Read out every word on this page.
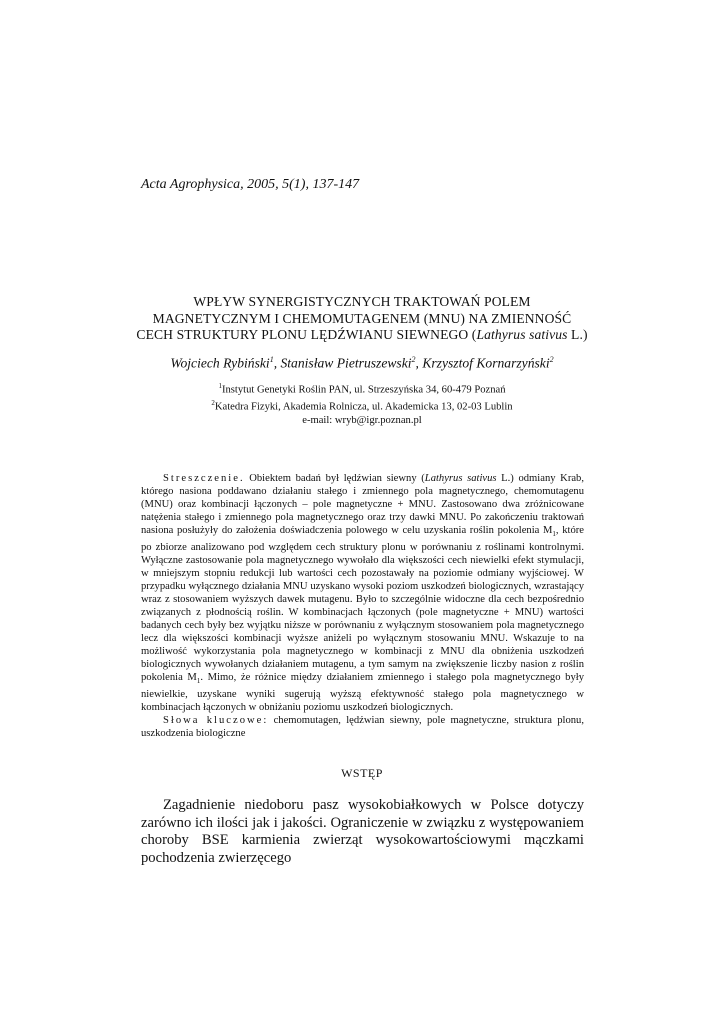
Acta Agrophysica, 2005, 5(1), 137-147
WPŁYW SYNERGISTYCZNYCH TRAKTOWAŃ POLEM
MAGNETYCZNYM I CHEMOMUTAGENEM (MNU) NA ZMIENNOŚĆ
CECH STRUKTURY PLONU LĘDŹWIANU SIEWNEGO (Lathyrus sativus L.)
Wojciech Rybiński$^1$, Stanisław Pietruszewski$^2$, Krzysztof Kornarzyński$^2$
$^1$Instytut Genetyki Roślin PAN, ul. Strzeszyńska 34, 60-479 Poznań
$^2$Katedra Fizyki, Akademia Rolnicza, ul. Akademicka 13, 02-03 Lublin
e-mail: wryb@igr.poznan.pl

Streszczenie. Obiektem badań był lędźwian siewny (Lathyrus sativus L.) odmiany Krab, którego nasiona poddawano działaniu stałego i zmiennego pola magnetycznego, chemomutagenu (MNU) oraz kombinacji łączonych – pole magnetyczne + MNU. Zastosowano dwa zróżnicowane natężenia stałego i zmiennego pola magnetycznego oraz trzy dawki MNU. Po zakończeniu traktowań nasiona posłużyły do założenia doświadczenia polowego w celu uzyskania roślin pokolenia $M_1$, które po zbiorze analizowano pod względem cech struktury plonu w porównaniu z roślinami kontrolnymi. Wyłączne zastosowanie pola magnetycznego wywołało dla większości cech niewielki efekt stymulacji, w mniejszym stopniu redukcji lub wartości cech pozostawały na poziomie odmiany wyjściowej. W przypadku wyłącznego działania MNU uzyskano wysoki poziom uszkodzeń biologicznych, wzrastający wraz z stosowaniem wyższych dawek mutagenu. Było to szczególnie widoczne dla cech bezpośrednio związanych z płodnością roślin. W kombinacjach łączonych (pole magnetyczne + MNU) wartości badanych cech były bez wyjątku niższe w porównaniu z wyłącznym stosowaniem pola magnetycznego lecz dla większości kombinacji wyższe aniżeli po wyłącznym stosowaniu MNU. Wskazuje to na możliwość wykorzystania pola magnetycznego w kombinacji z MNU dla obniżenia uszkodzeń biologicznych wywołanych działaniem mutagenu, a tym samym na zwiększenie liczby nasion z roślin pokolenia $M_1$. Mimo, że różnice między działaniem zmiennego i stałego pola magnetycznego były niewielkie, uzyskane wyniki sugerują wyższą efektywność stałego pola magnetycznego w kombinacjach łączonych w obniżaniu poziomu uszkodzeń biologicznych.

Słowa kluczowe: chemomutagen, lędźwian siewny, pole magnetyczne, struktura plonu, uszkodzenia biologiczne

WSTĘP

Zagadnienie niedoboru pasz wysokobiałkowych w Polsce dotyczy zarówno ich ilości jak i jakości. Ograniczenie w związku z występowaniem choroby BSE karmienia zwierząt wysokowartościowymi mączkami pochodzenia zwierzęcego
